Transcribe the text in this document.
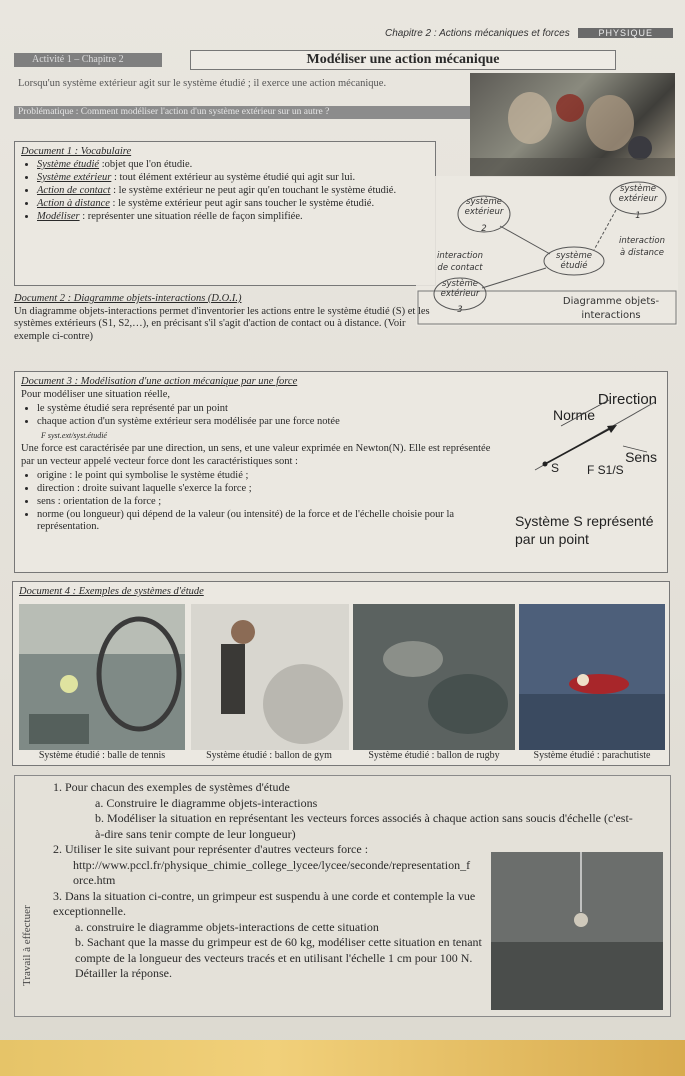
Chapitre 2 : Actions mécaniques et forces	PHYSIQUE
Activité 1 – Chapitre 2	Modéliser une action mécanique
Lorsqu'un système extérieur agit sur le système étudié ; il exerce une action mécanique.
Problématique : Comment modéliser l'action d'un système extérieur sur un autre ?
Document 1 : Vocabulaire
• Système étudié :objet que l'on étudie.
• Système extérieur : tout élément extérieur au système étudié qui agit sur lui.
• Action de contact : le système extérieur ne peut agir qu'en touchant le système étudié.
• Action à distance : le système extérieur peut agir sans toucher le système étudié.
• Modéliser : représenter une situation réelle de façon simplifiée.
système
extérieur
2
système
extérieur
1
système
étudié
interaction
de contact
interaction
à distance
système
extérieur
3
Diagramme objets-
interactions
Document 2 : Diagramme objets-interactions (D.O.I.)
Un diagramme objets-interactions permet d'inventorier les actions entre le système étudié (S) et les systèmes extérieurs (S1, S2,…), en précisant s'il s'agit d'action de contact ou à distance. (Voir exemple ci-contre)
Document 3 : Modélisation d'une action mécanique par une force
Pour modéliser une situation réelle,
• le système étudié sera représenté par un point
• chaque action d'un système extérieur sera modélisée par une force notée
F syst.ext/syst.étudié
Une force est caractérisée par une direction, un sens, et une valeur exprimée en Newton(N). Elle est représentée par un vecteur appelé vecteur force dont les caractéristiques sont :
• origine : le point qui symbolise le système étudié ;
• direction : droite suivant laquelle s'exerce la force ;
• sens : orientation de la force ;
• norme (ou longueur) qui dépend de la valeur (ou intensité) de la force et de l'échelle choisie pour la représentation.
Direction
Norme
Sens
S F S1/S
Système S représenté
par un point
Document 4 : Exemples de systèmes d'étude
Système étudié : balle de tennis	Système étudié : ballon de gym	Système étudié : ballon de rugby	Système étudié : parachutiste
Travail à effectuer
1. Pour chacun des exemples de systèmes d'étude
a. Construire le diagramme objets-interactions
b. Modéliser la situation en représentant les vecteurs forces associés à chaque action sans soucis d'échelle (c'est-à-dire sans tenir compte de leur longueur)
2. Utiliser le site suivant pour représenter d'autres vecteurs force :
http://www.pccl.fr/physique_chimie_college_lycee/lycee/seconde/representation_force.htm
3. Dans la situation ci-contre, un grimpeur est suspendu à une corde et contemple la vue exceptionnelle.
a. construire le diagramme objets-interactions de cette situation
b. Sachant que la masse du grimpeur est de 60 kg, modéliser cette situation en tenant compte de la longueur des vecteurs tracés et en utilisant l'échelle 1 cm pour 100 N. Détailler la réponse.
